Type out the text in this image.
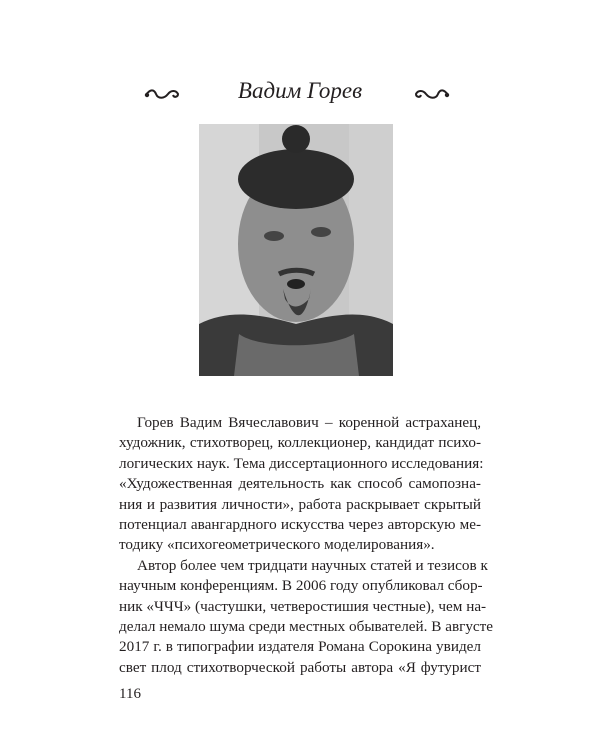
Вадим Горев
Горев Вадим Вячеславович – коренной астраханец,
художник, стихотворец, коллекционер, кандидат психо-
логических наук. Тема диссертационного исследования:
«Художественная деятельность как способ самопозна-
ния и развития личности», работа раскрывает скрытый
потенциал авангардного искусства через авторскую ме-
тодику «психогеометрического моделирования».
Автор более чем тридцати научных статей и тезисов к
научным конференциям. В 2006 году опубликовал сбор-
ник «ЧЧЧ» (частушки, четверостишия честные), чем на-
делал немало шума среди местных обывателей. В августе
2017 г. в типографии издателя Романа Сорокина увидел
свет плод стихотворческой работы автора «Я футурист
116
